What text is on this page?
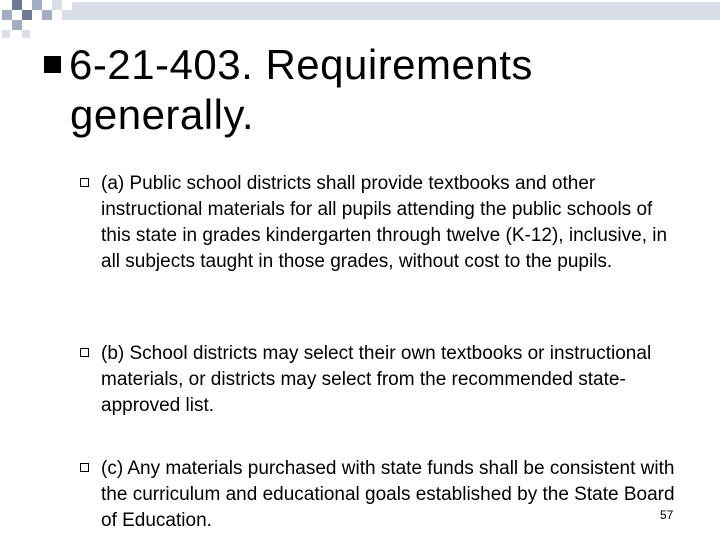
6-21-403. Requirements
generally.
(a) Public school districts shall provide textbooks and other instructional materials for all pupils attending the public schools of this state in grades kindergarten through twelve (K-12), inclusive, in all subjects taught in those grades, without cost to the pupils.
(b) School districts may select their own textbooks or instructional materials, or districts may select from the recommended state-approved list.
(c) Any materials purchased with state funds shall be consistent with the curriculum and educational goals established by the State Board of Education.	57
